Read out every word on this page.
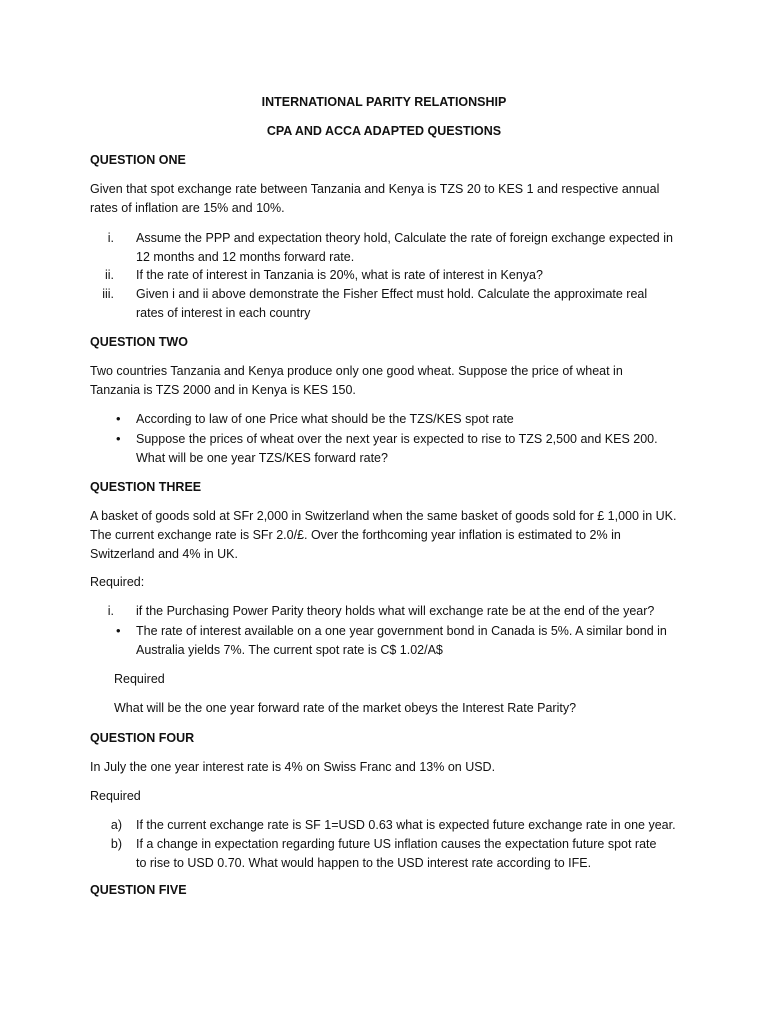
INTERNATIONAL PARITY RELATIONSHIP
CPA AND ACCA ADAPTED QUESTIONS
QUESTION ONE
Given that spot exchange rate between Tanzania and Kenya is TZS 20 to KES 1 and respective annual
rates of inflation are 15% and 10%.
i. Assume the PPP and expectation theory hold, Calculate the rate of foreign exchange expected in
12 months and 12 months forward rate.
ii. If the rate of interest in Tanzania is 20%, what is rate of interest in Kenya?
iii. Given i and ii above demonstrate the Fisher Effect must hold. Calculate the approximate real
rates of interest in each country
QUESTION TWO
Two countries Tanzania and Kenya produce only one good wheat. Suppose the price of wheat in
Tanzania is TZS 2000 and in Kenya is KES 150.
• According to law of one Price what should be the TZS/KES spot rate
• Suppose the prices of wheat over the next year is expected to rise to TZS 2,500 and KES 200.
What will be one year TZS/KES forward rate?
QUESTION THREE
A basket of goods sold at SFr 2,000 in Switzerland when the same basket of goods sold for £ 1,000 in UK.
The current exchange rate is SFr 2.0/£. Over the forthcoming year inflation is estimated to 2% in
Switzerland and 4% in UK.
Required:
i. if the Purchasing Power Parity theory holds what will exchange rate be at the end of the year?
• The rate of interest available on a one year government bond in Canada is 5%. A similar bond in
Australia yields 7%. The current spot rate is C$ 1.02/A$
Required
What will be the one year forward rate of the market obeys the Interest Rate Parity?
QUESTION FOUR
In July the one year interest rate is 4% on Swiss Franc and 13% on USD.
Required
a) If the current exchange rate is SF 1=USD 0.63 what is expected future exchange rate in one year.
b) If a change in expectation regarding future US inflation causes the expectation future spot rate
to rise to USD 0.70. What would happen to the USD interest rate according to IFE.
QUESTION FIVE
